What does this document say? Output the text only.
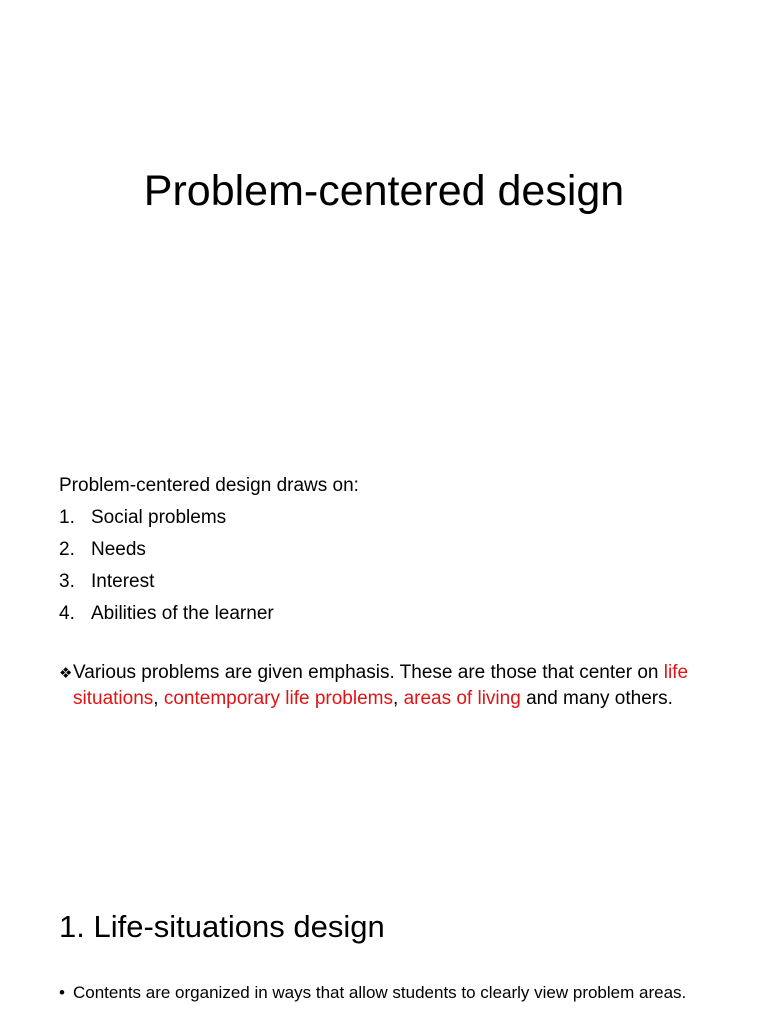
Problem-centered design

Problem-centered design draws on:

1. Social problems
2. Needs
3. Interest
4. Abilities of the learner

❖Various problems are given emphasis. These are those that center on life situations, contemporary life problems, areas of living and many others.

1. Life-situations design

• Contents are organized in ways that allow students to clearly view problem areas.
